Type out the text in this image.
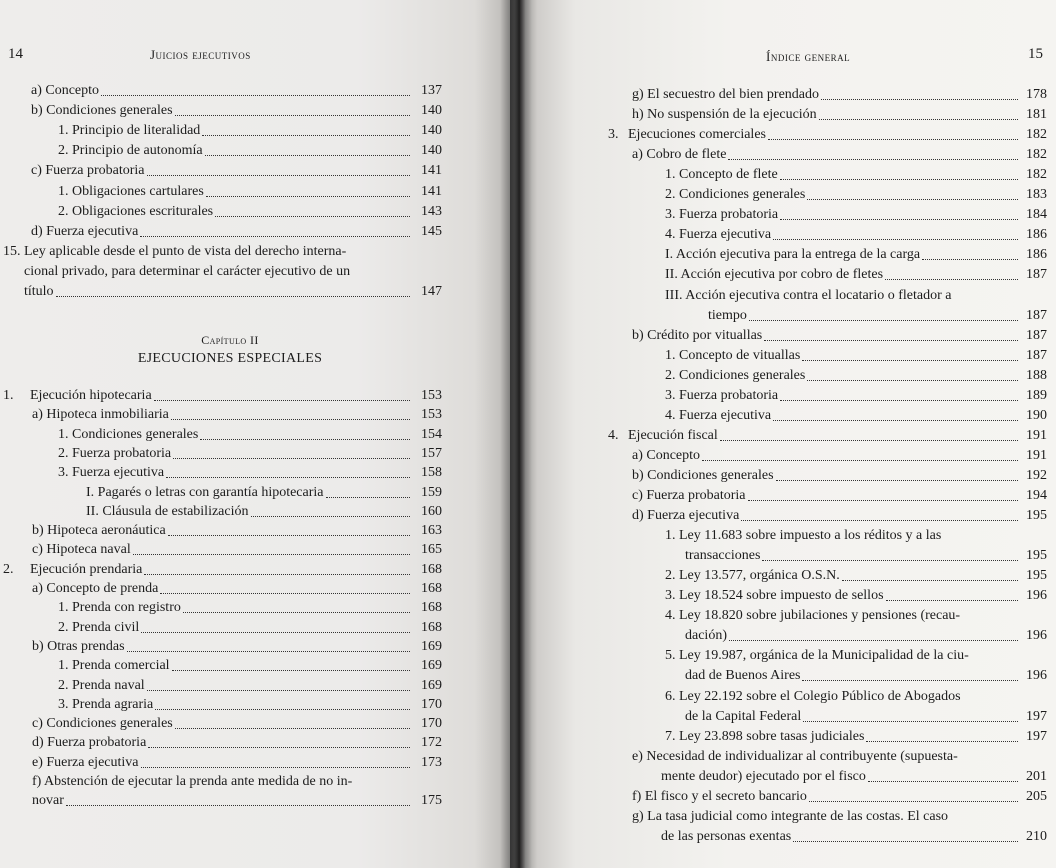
14	Juicios ejecutivos
a) Concepto	137
b) Condiciones generales	140
1. Principio de literalidad	140
2. Principio de autonomía	140
c) Fuerza probatoria	141
1. Obligaciones cartulares	141
2. Obligaciones escriturales	143
d) Fuerza ejecutiva	145
15. Ley aplicable desde el punto de vista del derecho interna-
cional privado, para determinar el carácter ejecutivo de un
título	147
Capítulo II
EJECUCIONES ESPECIALES
1. Ejecución hipotecaria	153
a) Hipoteca inmobiliaria	153
1. Condiciones generales	154
2. Fuerza probatoria	157
3. Fuerza ejecutiva	158
I. Pagarés o letras con garantía hipotecaria	159
II. Cláusula de estabilización	160
b) Hipoteca aeronáutica	163
c) Hipoteca naval	165
2. Ejecución prendaria	168
a) Concepto de prenda	168
1. Prenda con registro	168
2. Prenda civil	168
b) Otras prendas	169
1. Prenda comercial	169
2. Prenda naval	169
3. Prenda agraria	170
c) Condiciones generales	170
d) Fuerza probatoria	172
e) Fuerza ejecutiva	173
f) Abstención de ejecutar la prenda ante medida de no in-
novar	175
Índice general	15
g) El secuestro del bien prendado	178
h) No suspensión de la ejecución	181
3. Ejecuciones comerciales	182
a) Cobro de flete	182
1. Concepto de flete	182
2. Condiciones generales	183
3. Fuerza probatoria	184
4. Fuerza ejecutiva	186
I. Acción ejecutiva para la entrega de la carga	186
II. Acción ejecutiva por cobro de fletes	187
III. Acción ejecutiva contra el locatario o fletador a
tiempo	187
b) Crédito por vituallas	187
1. Concepto de vituallas	187
2. Condiciones generales	188
3. Fuerza probatoria	189
4. Fuerza ejecutiva	190
4. Ejecución fiscal	191
a) Concepto	191
b) Condiciones generales	192
c) Fuerza probatoria	194
d) Fuerza ejecutiva	195
1. Ley 11.683 sobre impuesto a los réditos y a las
transacciones	195
2. Ley 13.577, orgánica O.S.N.	195
3. Ley 18.524 sobre impuesto de sellos	196
4. Ley 18.820 sobre jubilaciones y pensiones (recau-
dación)	196
5. Ley 19.987, orgánica de la Municipalidad de la ciu-
dad de Buenos Aires	196
6. Ley 22.192 sobre el Colegio Público de Abogados
de la Capital Federal	197
7. Ley 23.898 sobre tasas judiciales	197
e) Necesidad de individualizar al contribuyente (supuesta-
mente deudor) ejecutado por el fisco	201
f) El fisco y el secreto bancario	205
g) La tasa judicial como integrante de las costas. El caso
de las personas exentas	210
